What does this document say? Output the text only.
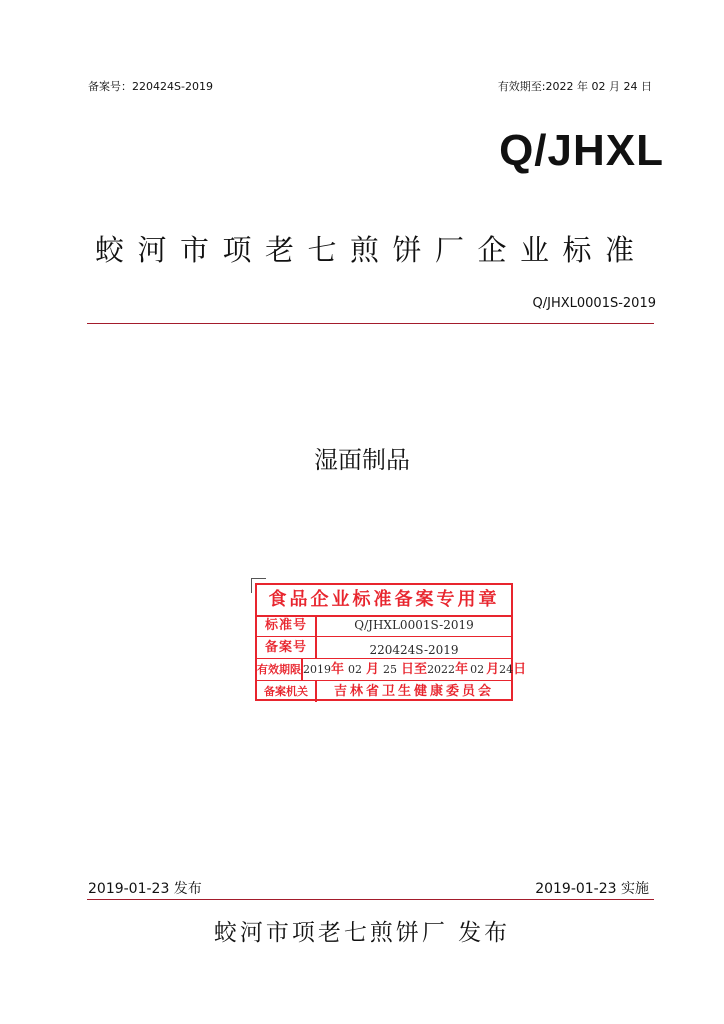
备案号：220424S-2019	有效期至:2022 年 02 月 24 日
Q/JHXL
蛟河市项老七煎饼厂企业标准
Q/JHXL0001S-2019
湿面制品
食品企业标准备案专用章
标准号	Q/JHXL0001S-2019
备案号	220424S-2019
有效期限 2019年 02 月 25 日至2022年 02 月24日
备案机关	吉林省卫生健康委员会
2019-01-23 发布	2019-01-23 实施
蛟河市项老七煎饼厂 发布
